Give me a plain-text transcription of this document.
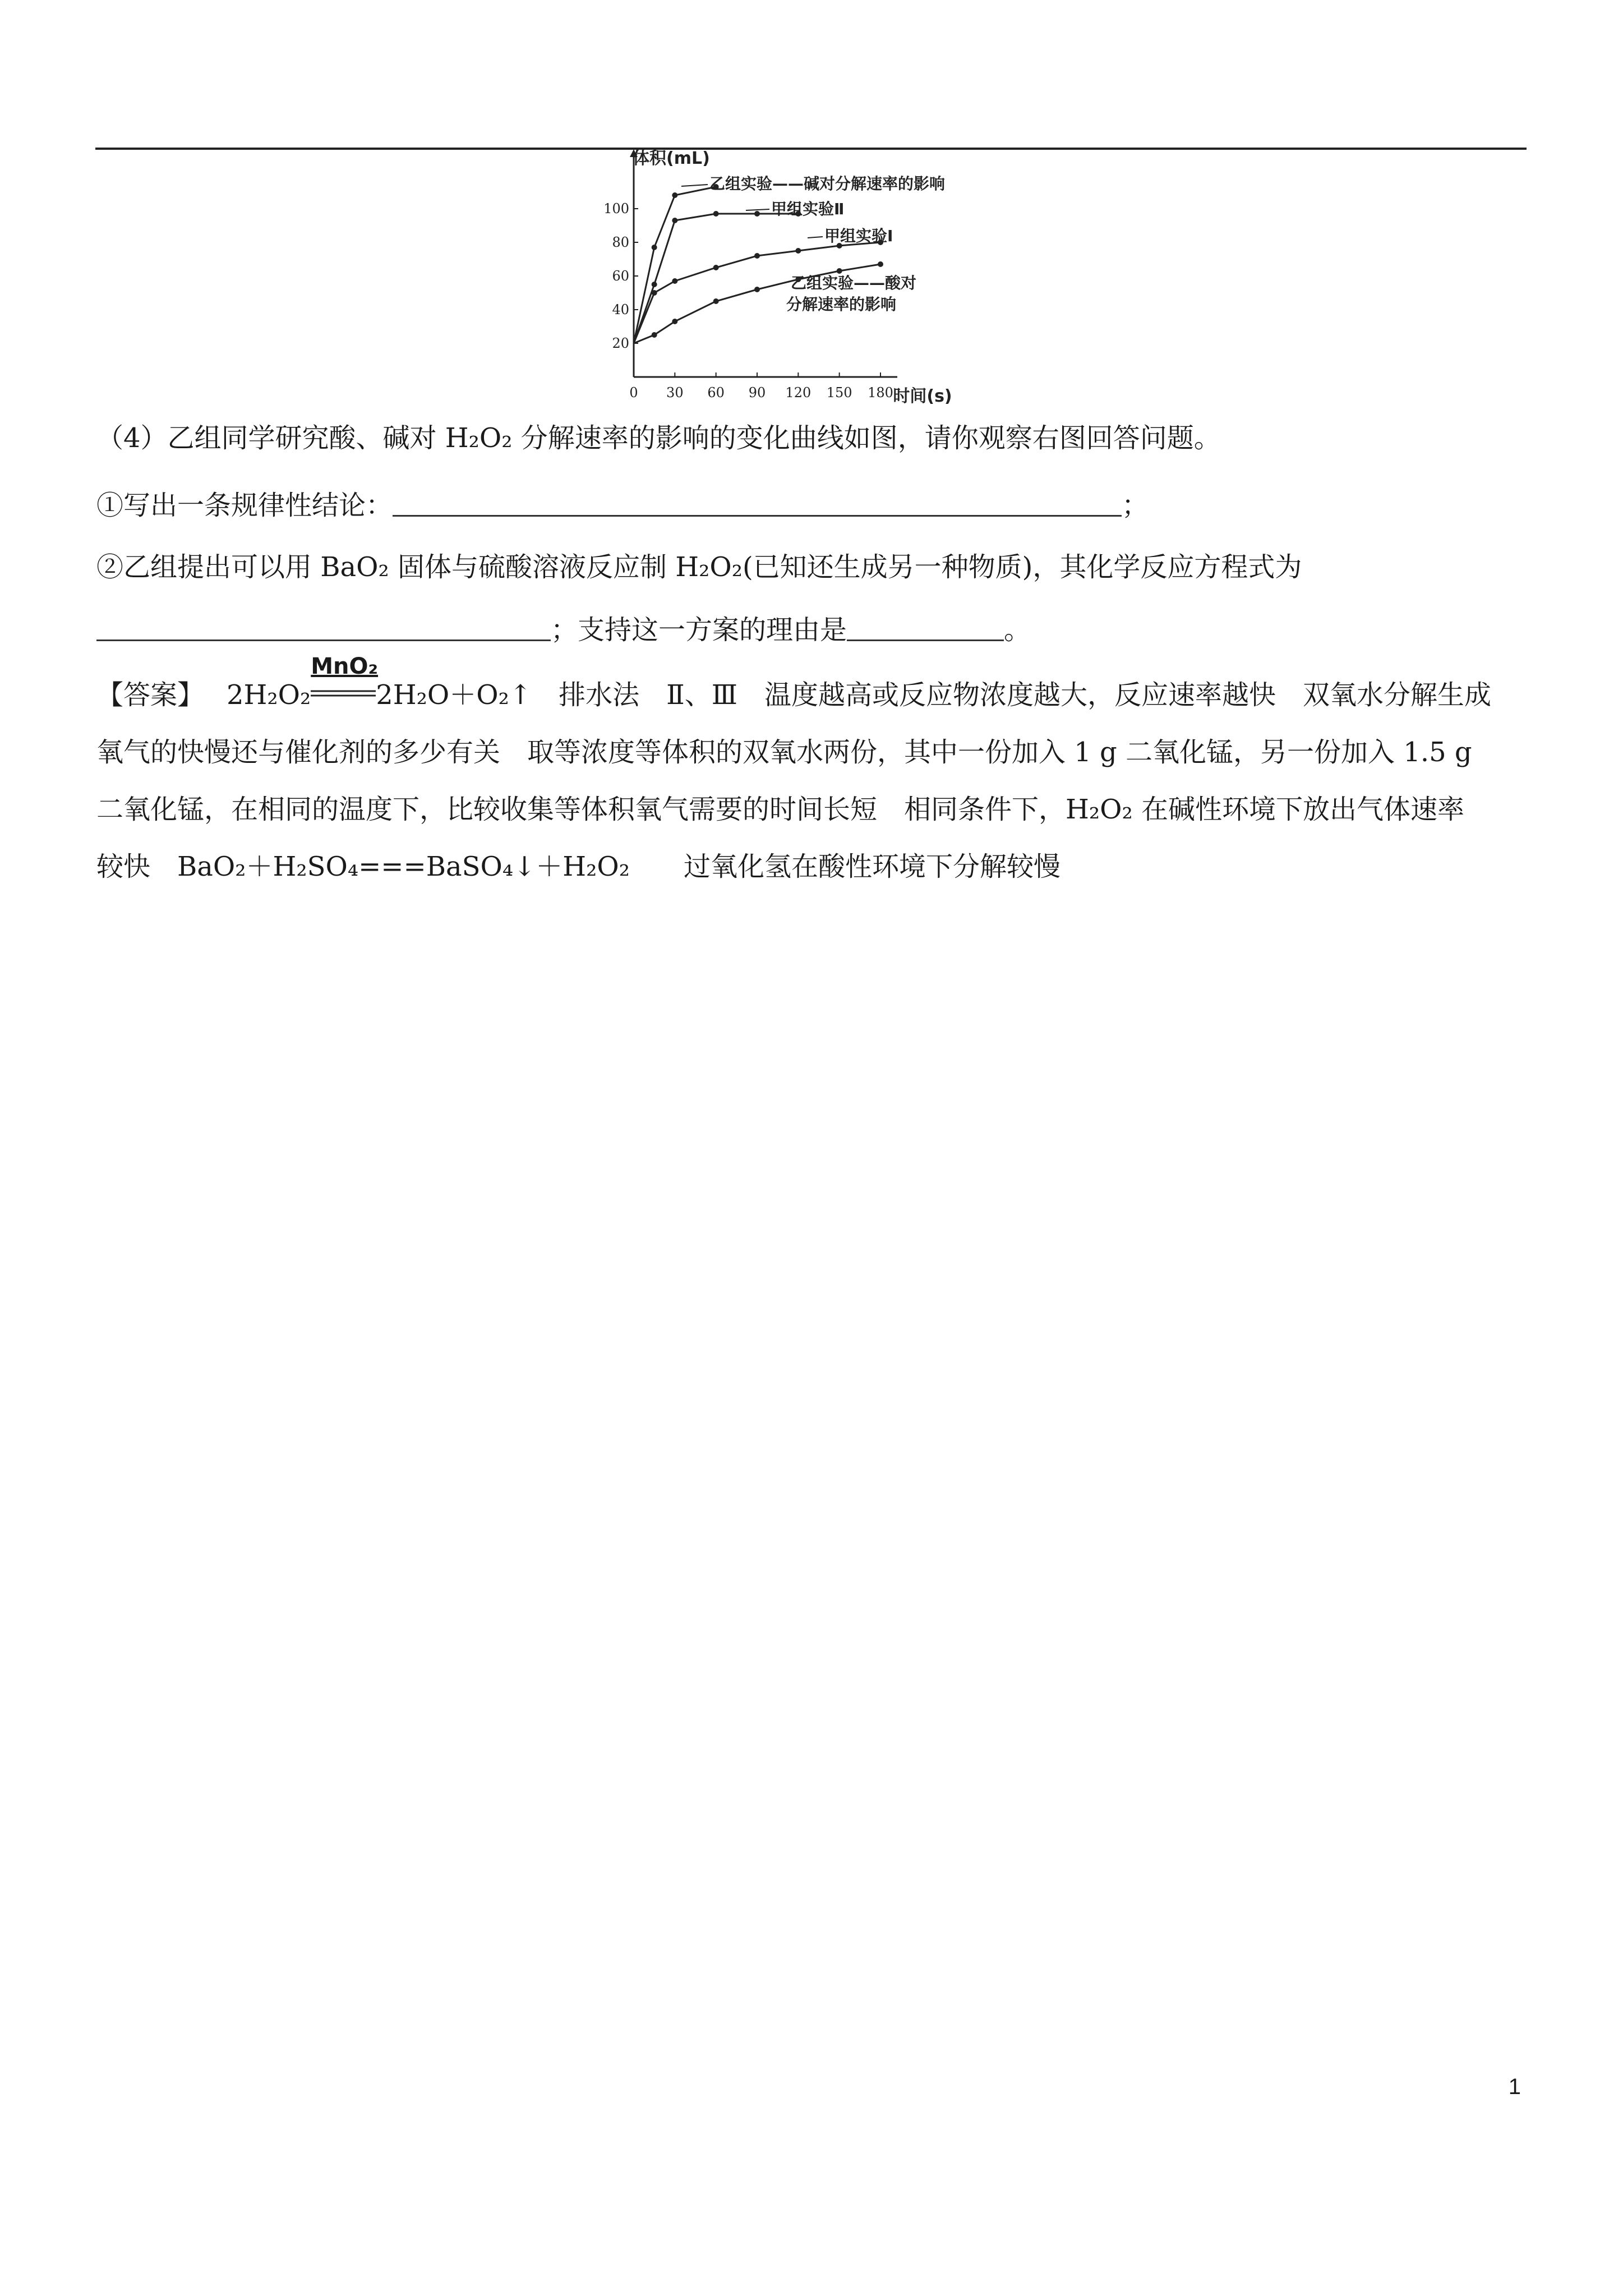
20
40
60
80
100
0 30 60 90 120 150 180
体积(mL)
时间(s)
乙组实验——碱对分解速率的影响
甲组实验Ⅱ
甲组实验Ⅰ
乙组实验——酸对
分解速率的影响
（4）乙组同学研究酸、碱对 H₂O₂ 分解速率的影响的变化曲线如图，请你观察右图回答问题。
①写出一条规律性结论：	；
②乙组提出可以用 BaO₂ 固体与硫酸溶液反应制 H₂O₂(已知还生成另一种物质)，其化学反应方程式为
；支持这一方案的理由是	。
【答案】 2H₂O₂
MnO₂
2H₂O＋O₂↑　排水法　Ⅱ、Ⅲ　温度越高或反应物浓度越大，反应速率越快　双氧水分解生成
氧气的快慢还与催化剂的多少有关　取等浓度等体积的双氧水两份，其中一份加入 1 g 二氧化锰，另一份加入 1.5 g
二氧化锰，在相同的温度下，比较收集等体积氧气需要的时间长短　相同条件下，H₂O₂ 在碱性环境下放出气体速率
较快　BaO₂＋H₂SO₄===BaSO₄↓＋H₂O₂　　过氧化氢在酸性环境下分解较慢
1
